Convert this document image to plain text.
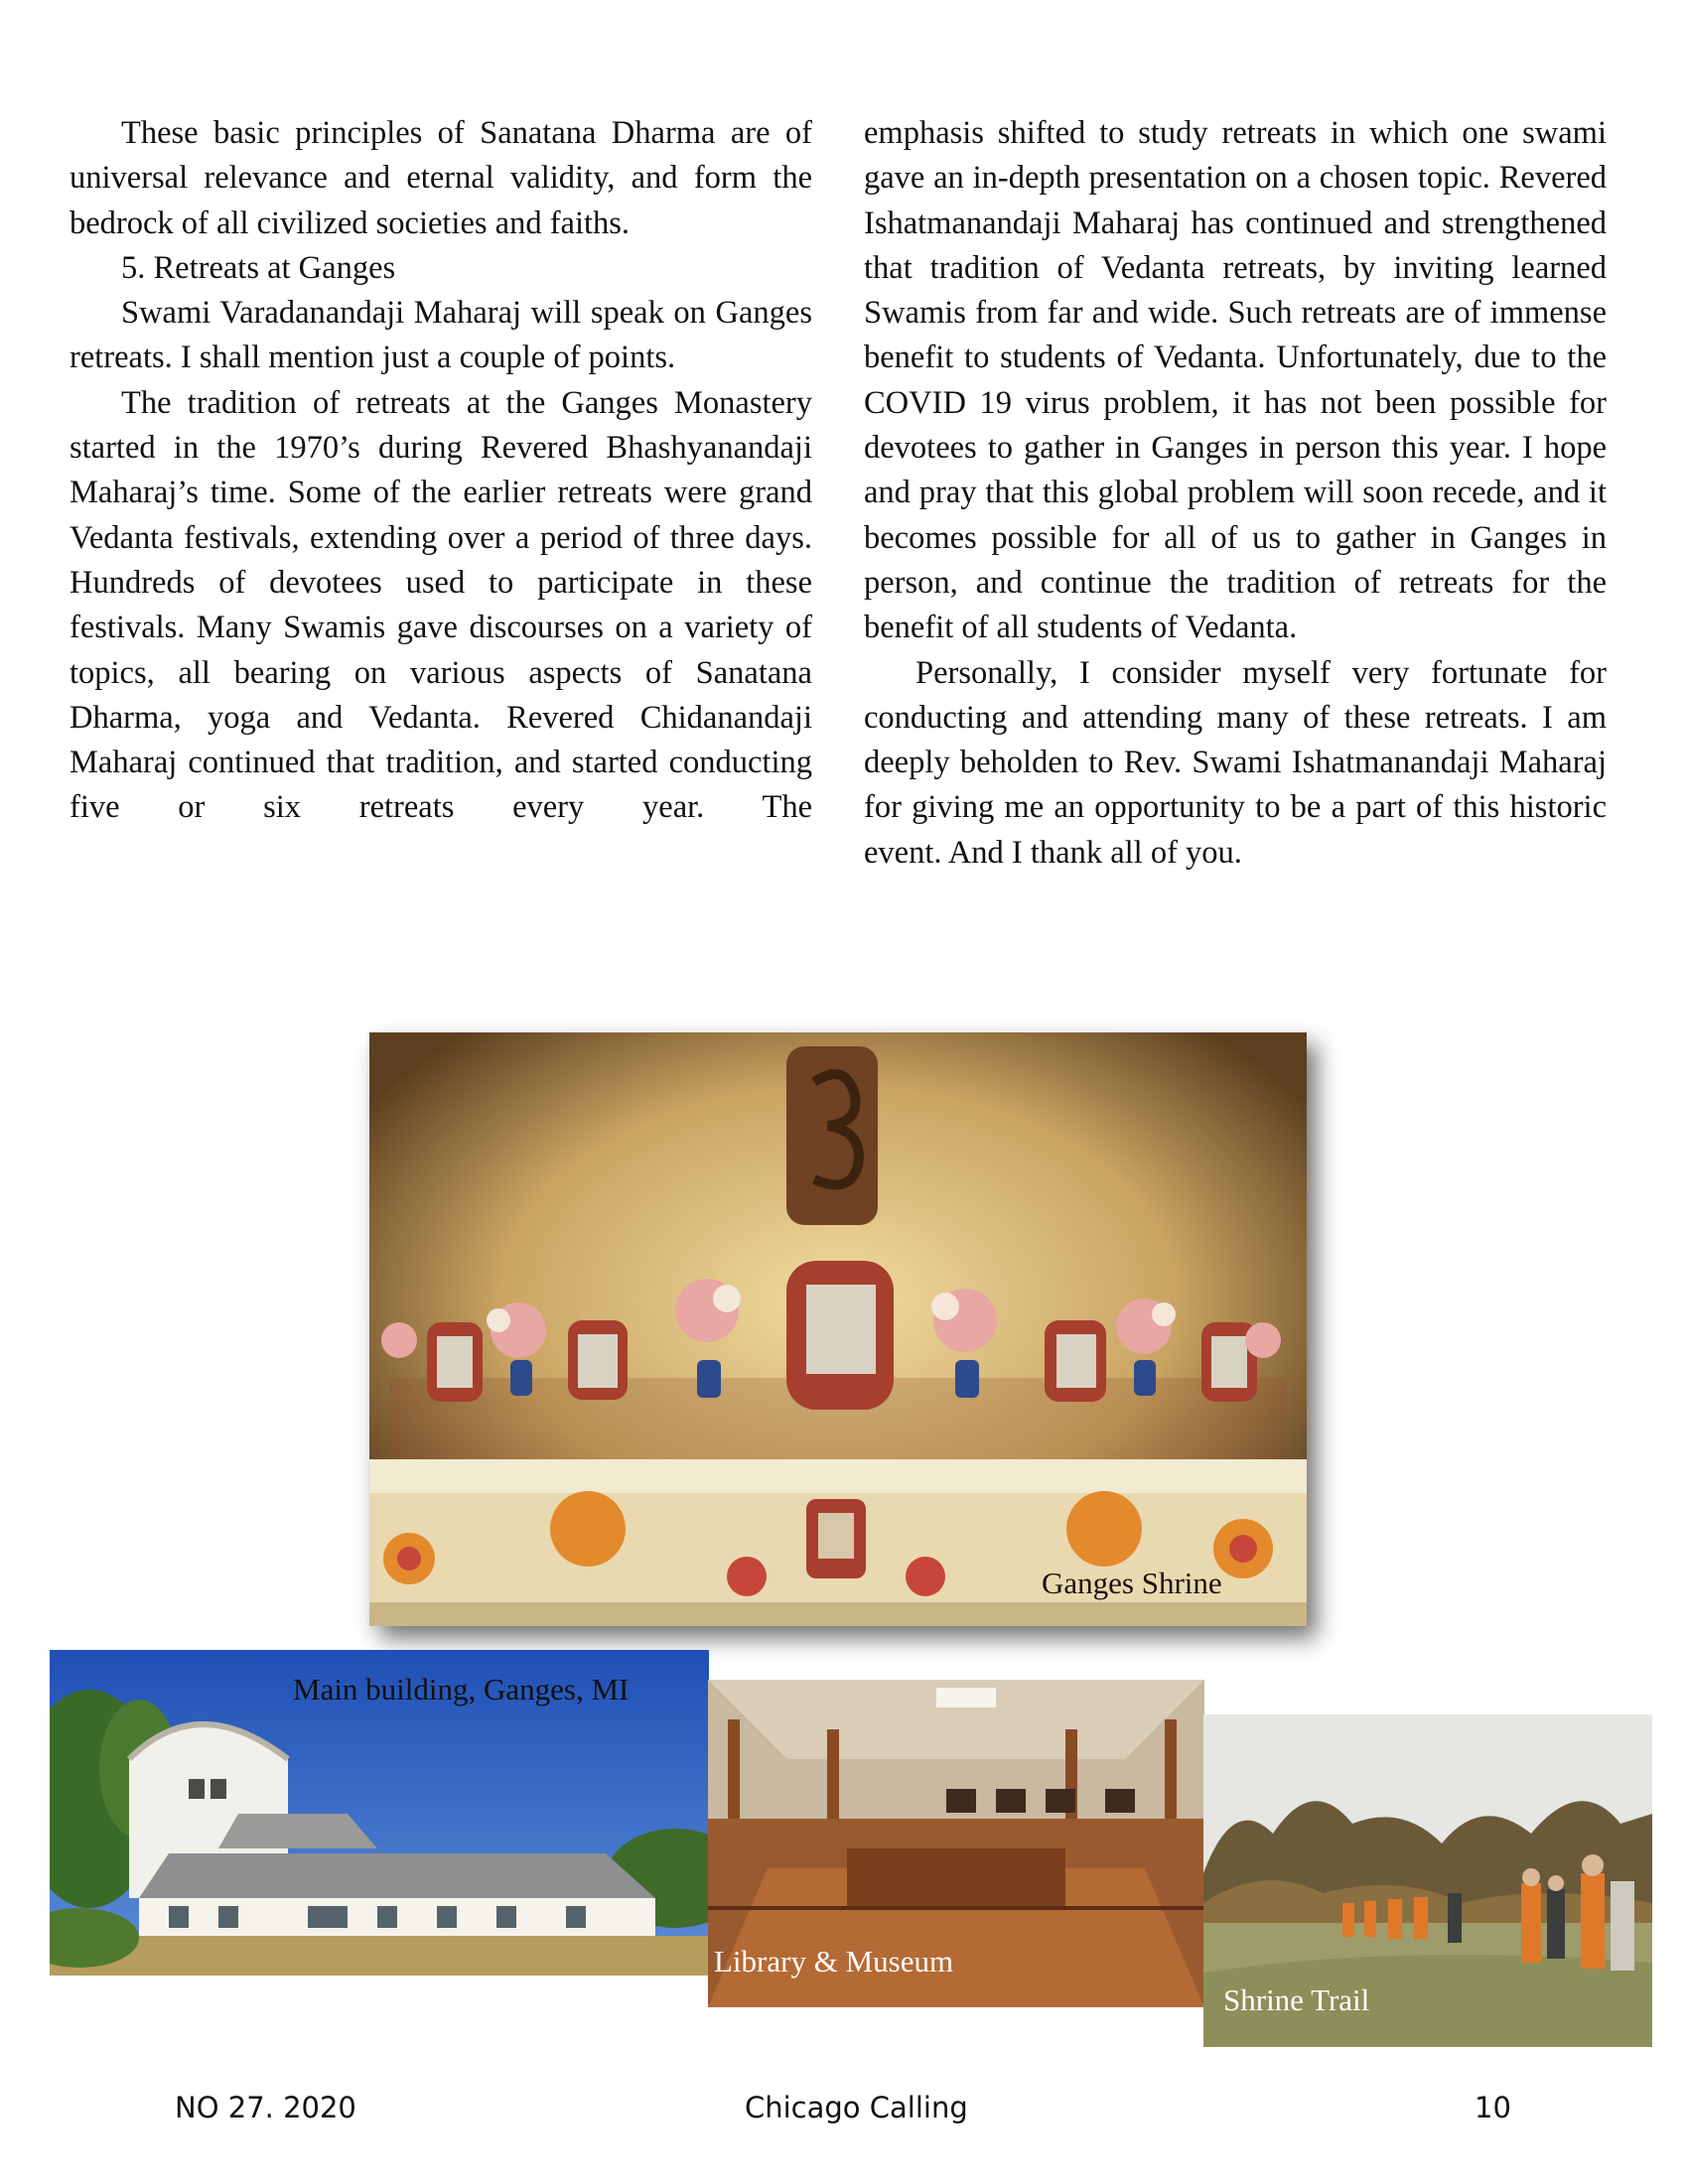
These basic principles of Sanatana Dharma are of universal relevance and eternal validity, and form the bedrock of all civilized societies and faiths.

5. Retreats at Ganges

Swami Varadanandaji Maharaj will speak on Ganges retreats. I shall mention just a couple of points.

The tradition of retreats at the Ganges Monastery started in the 1970’s during Revered Bhashyanandaji Maharaj’s time. Some of the earlier retreats were grand Vedanta festivals, extending over a period of three days. Hundreds of devotees used to participate in these festivals. Many Swamis gave discourses on a variety of topics, all bearing on various aspects of Sanatana Dharma, yoga and Vedanta. Revered Chidanandaji Maharaj continued that tradition, and started conducting five or six retreats every year. The

emphasis shifted to study retreats in which one swami gave an in-depth presentation on a chosen topic. Revered Ishatmanandaji Maharaj has continued and strengthened that tradition of Vedanta retreats, by inviting learned Swamis from far and wide. Such retreats are of immense benefit to students of Vedanta. Unfortunately, due to the COVID 19 virus problem, it has not been possible for devotees to gather in Ganges in person this year. I hope and pray that this global problem will soon recede, and it becomes possible for all of us to gather in Ganges in person, and continue the tradition of retreats for the benefit of all students of Vedanta.

Personally, I consider myself very fortunate for conducting and attending many of these retreats. I am deeply beholden to Rev. Swami Ishatmanandaji Maharaj for giving me an opportunity to be a part of this historic event. And I thank all of you.

Ganges Shrine
Main building, Ganges, MI
Library & Museum
Shrine Trail
NO 27. 2020	Chicago Calling	10
